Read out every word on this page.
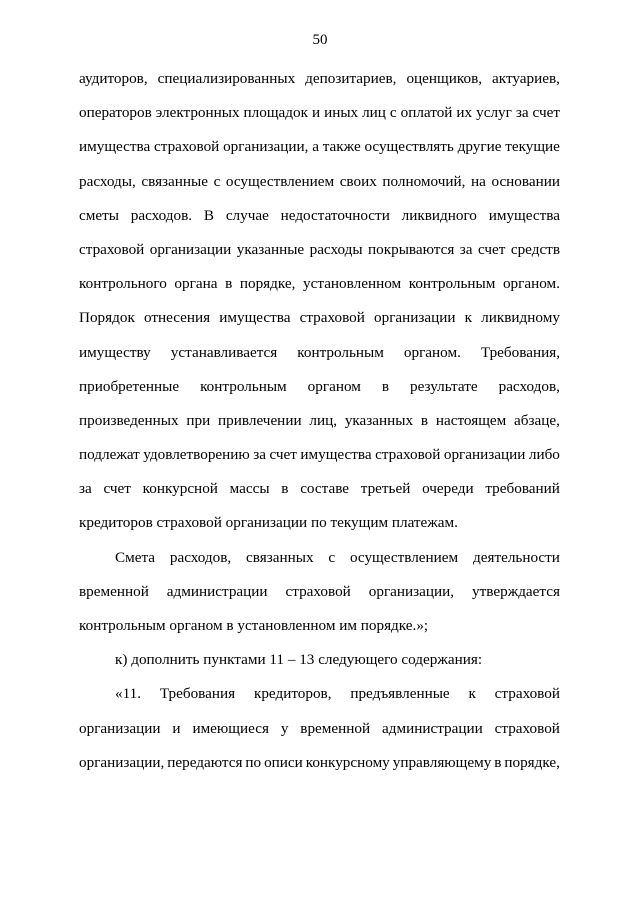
50
аудиторов, специализированных депозитариев, оценщиков, актуариев,
операторов электронных площадок и иных лиц с оплатой их услуг за счет
имущества страховой организации, а также осуществлять другие текущие
расходы, связанные с осуществлением своих полномочий, на основании
сметы расходов. В случае недостаточности ликвидного имущества
страховой организации указанные расходы покрываются за счет средств
контрольного органа в порядке, установленном контрольным органом.
Порядок отнесения имущества страховой организации к ликвидному
имуществу устанавливается контрольным органом. Требования,
приобретенные контрольным органом в результате расходов,
произведенных при привлечении лиц, указанных в настоящем абзаце,
подлежат удовлетворению за счет имущества страховой организации либо
за счет конкурсной массы в составе третьей очереди требований
кредиторов страховой организации по текущим платежам.
Смета расходов, связанных с осуществлением деятельности
временной администрации страховой организации, утверждается
контрольным органом в установленном им порядке.»;
к) дополнить пунктами 11 – 13 следующего содержания:
«11. Требования кредиторов, предъявленные к страховой
организации и имеющиеся у временной администрации страховой
организации, передаются по описи конкурсному управляющему в порядке,
